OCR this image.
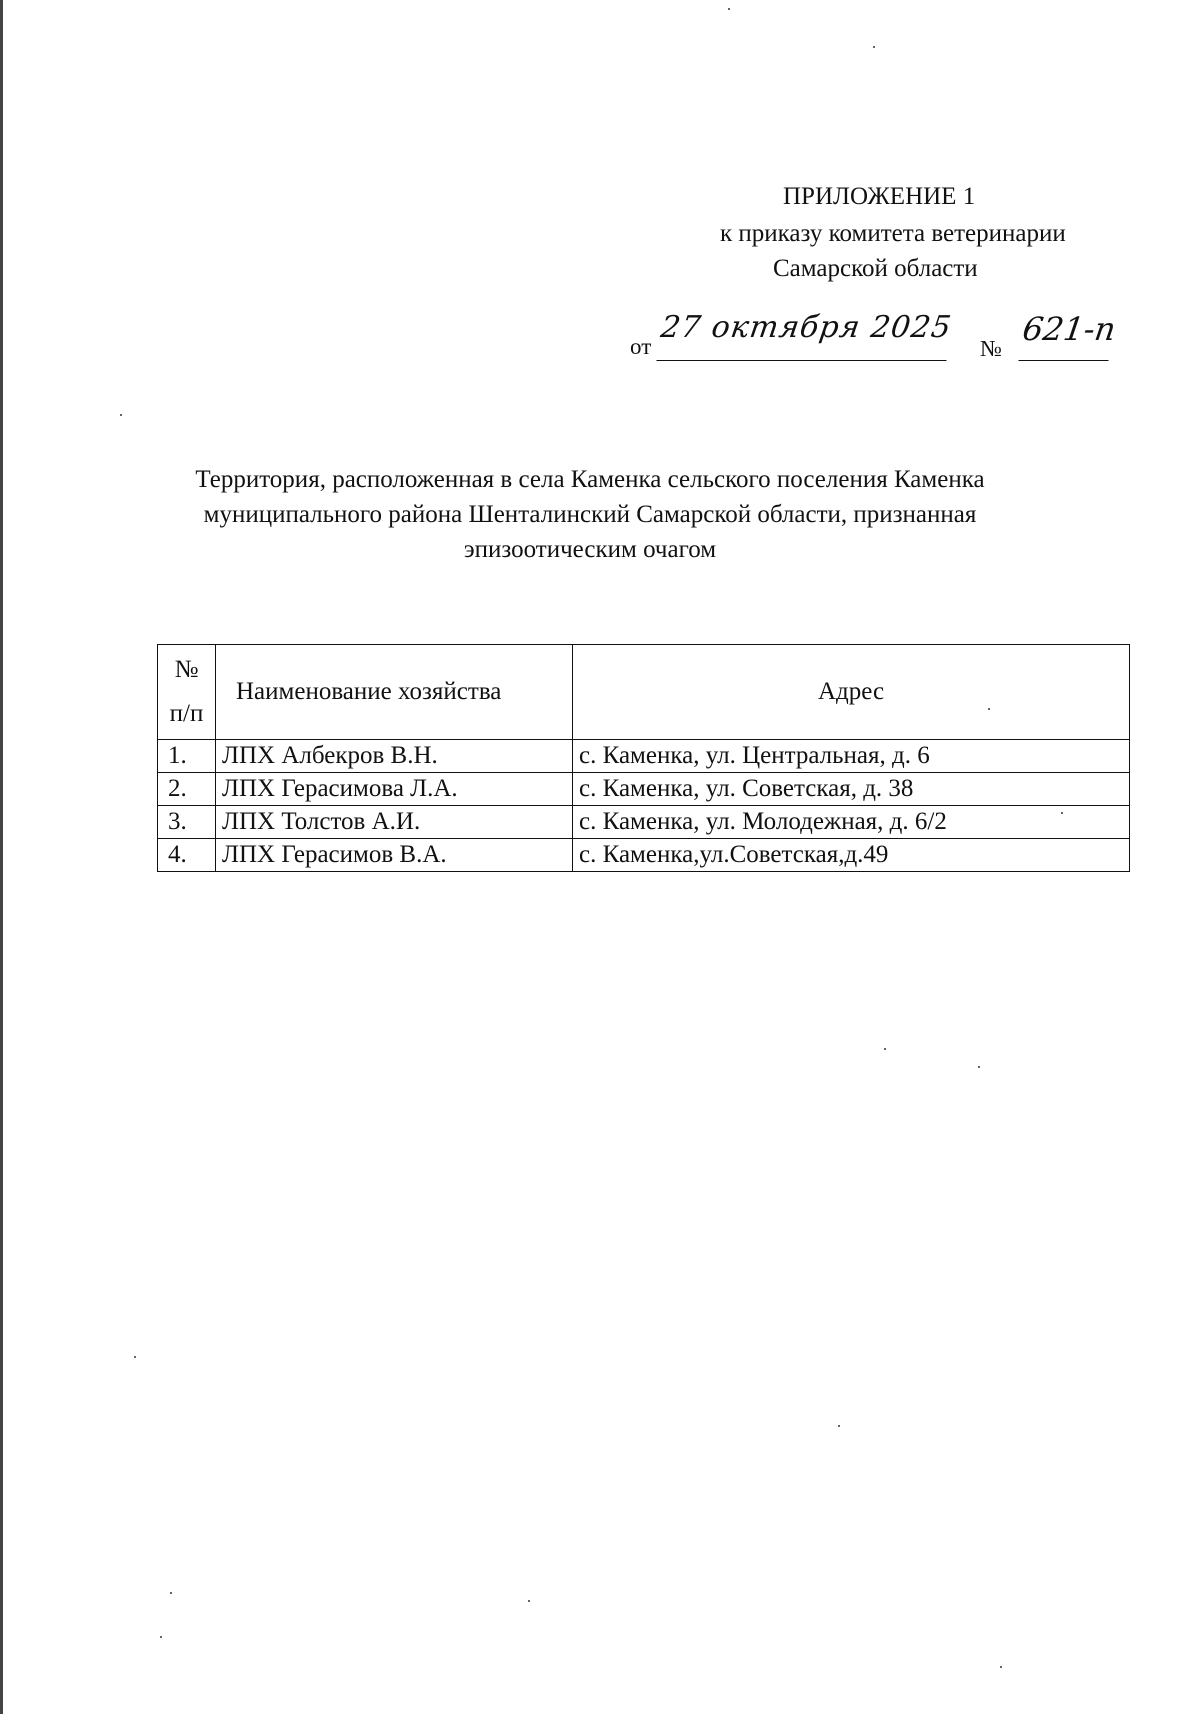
ПРИЛОЖЕНИЕ 1
к приказу комитета ветеринарии
Самарской области
от
27 октября 2025
№
621-п
Территория, расположенная в села Каменка сельского поселения Каменка муниципального района Шенталинский Самарской области, признанная эпизоотическим очагом
№
п/п	Наименование хозяйства	Адрес
1.	ЛПХ Албекров В.Н.	с. Каменка, ул. Центральная, д. 6
2.	ЛПХ Герасимова Л.А.	с. Каменка, ул. Советская, д. 38
3.	ЛПХ Толстов А.И.	с. Каменка, ул. Молодежная, д. 6/2
4.	ЛПХ Герасимов В.А.	с. Каменка,ул.Советская,д.49
